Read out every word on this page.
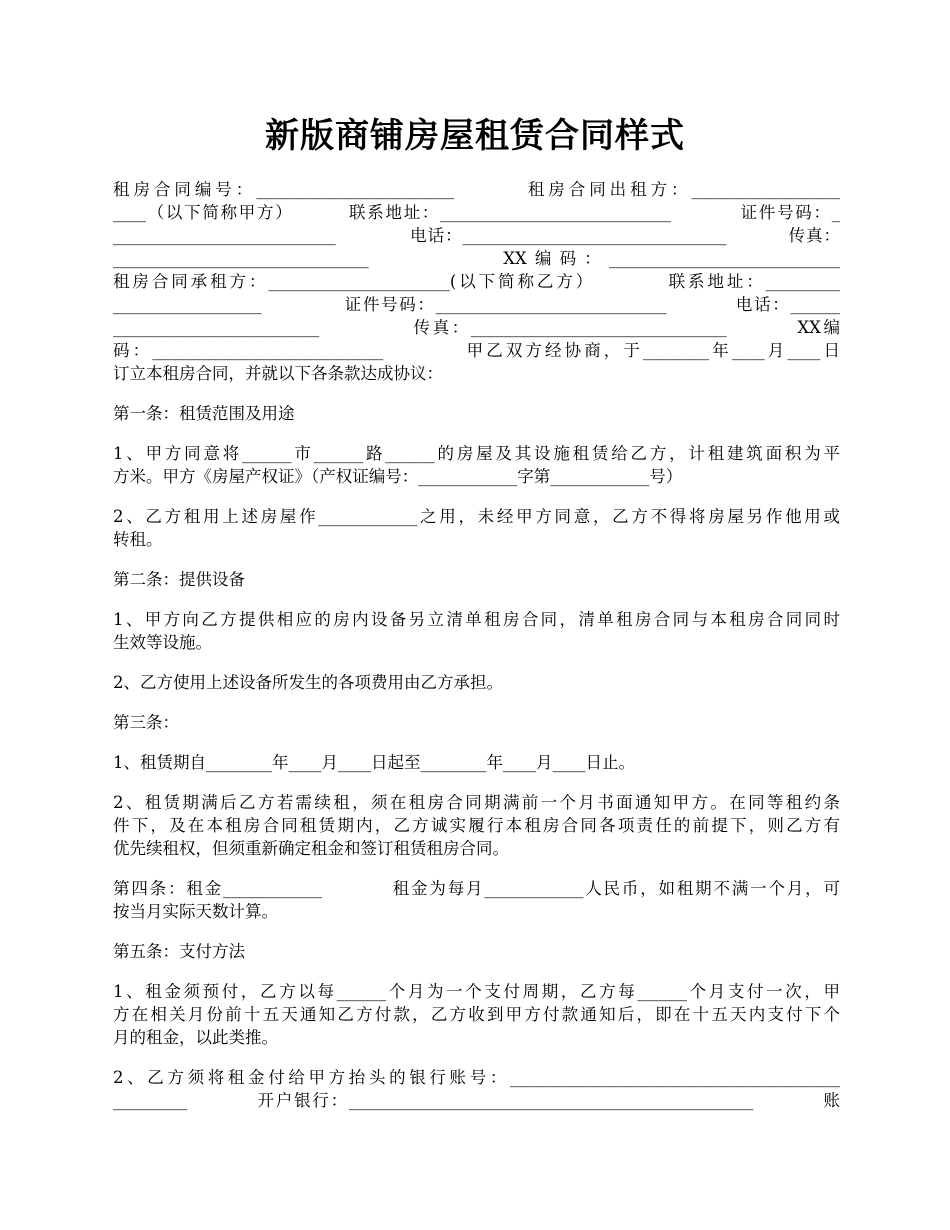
新版商铺房屋租赁合同样式
租房合同编号：________________________        租房合同出租方：__________________
____（以下简称甲方）        联系地址：____________________________          证件号码：_
___________________________            电话：________________________________          传真：
_______________________________          XX编码：____________________________
租房合同承租方：______________________(以下简称乙方）         联系地址：_________
__________________            证件号码：____________________________          电话：______
_________________________            传真：_______________________________         XX编
码：____________________________          甲乙双方经协商，于________年____月____日
订立本租房合同，并就以下各条款达成协议：
第一条：租赁范围及用途
1、甲方同意将______市______路______的房屋及其设施租赁给乙方，计租建筑面积为平
方米。甲方《房屋产权证》（产权证编号：____________字第____________号）
2、乙方租用上述房屋作____________之用，未经甲方同意，乙方不得将房屋另作他用或
转租。
第二条：提供设备
1、甲方向乙方提供相应的房内设备另立清单租房合同，清单租房合同与本租房合同同时
生效等设施。
2、乙方使用上述设备所发生的各项费用由乙方承担。
第三条：
1、租赁期自________年____月____日起至________年____月____日止。
2、租赁期满后乙方若需续租，须在租房合同期满前一个月书面通知甲方。在同等租约条
件下，及在本租房合同租赁期内，乙方诚实履行本租房合同各项责任的前提下，则乙方有
优先续租权，但须重新确定租金和签订租赁租房合同。
第四条：租金____________          租金为每月____________人民币，如租期不满一个月，可
按当月实际天数计算。
第五条：支付方法
1、租金须预付，乙方以每______个月为一个支付周期，乙方每______个月支付一次，甲
方在相关月份前十五天通知乙方付款，乙方收到甲方付款通知后，即在十五天内支付下个
月的租金，以此类推。
2、乙方须将租金付给甲方抬头的银行账号：________________________________________
_________          开户银行：_________________________________________________          账
